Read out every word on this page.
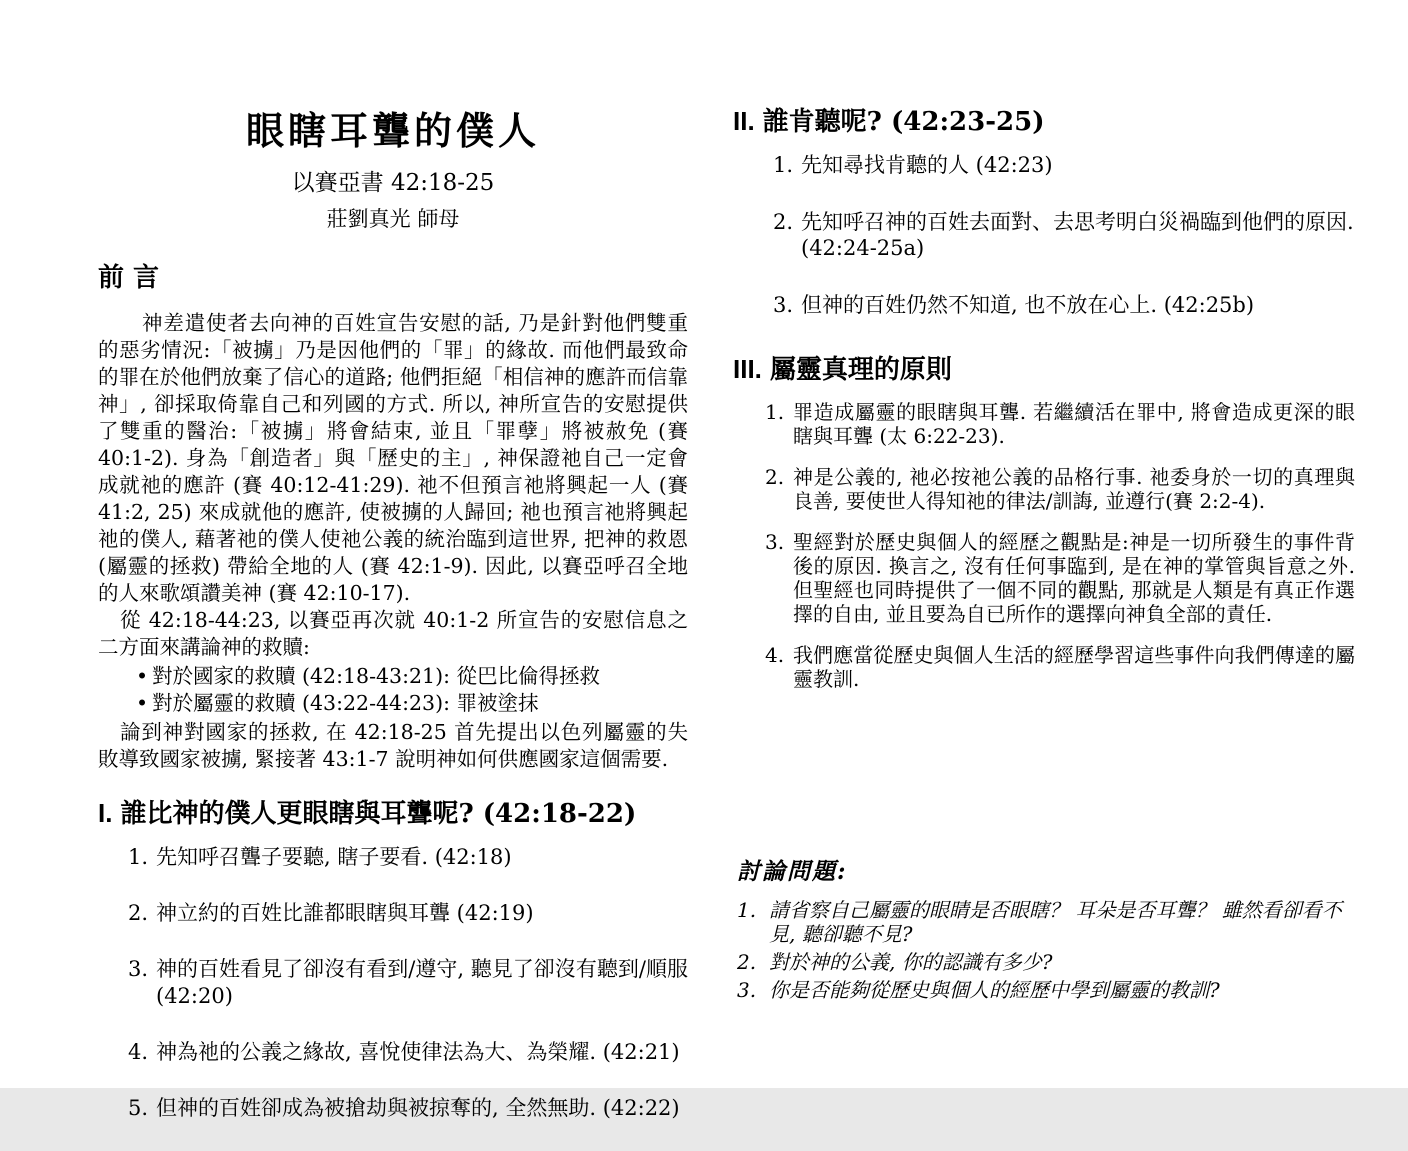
眼瞎耳聾的僕人
以賽亞書 42:18-25
莊劉真光 師母
前 言
神差遣使者去向神的百姓宣告安慰的話, 乃是針對他們雙重的惡劣情況:「被擄」乃是因他們的「罪」的緣故. 而他們最致命的罪在於他們放棄了信心的道路; 他們拒絕「相信神的應許而信靠神」, 卻採取倚靠自己和列國的方式. 所以, 神所宣告的安慰提供了雙重的醫治:「被擄」將會結束, 並且「罪孽」將被赦免 (賽 40:1-2). 身為「創造者」與「歷史的主」, 神保證祂自己一定會成就祂的應許 (賽 40:12-41:29). 祂不但預言祂將興起一人 (賽41:2, 25) 來成就他的應許, 使被擄的人歸回; 祂也預言祂將興起祂的僕人, 藉著祂的僕人使祂公義的統治臨到這世界, 把神的救恩 (屬靈的拯救) 帶給全地的人 (賽 42:1-9). 因此, 以賽亞呼召全地的人來歌頌讚美神 (賽 42:10-17).
從 42:18-44:23, 以賽亞再次就 40:1-2 所宣告的安慰信息之二方面來講論神的救贖:
• 對於國家的救贖 (42:18-43:21): 從巴比倫得拯救
• 對於屬靈的救贖 (43:22-44:23): 罪被塗抹
論到神對國家的拯救, 在 42:18-25 首先提出以色列屬靈的失敗導致國家被擄, 緊接著 43:1-7 說明神如何供應國家這個需要.
I. 誰比神的僕人更眼瞎與耳聾呢? (42:18-22)
1. 先知呼召聾子要聽, 瞎子要看. (42:18)
2. 神立約的百姓比誰都眼瞎與耳聾 (42:19)
3. 神的百姓看見了卻沒有看到/遵守, 聽見了卻沒有聽到/順服 (42:20)
4. 神為祂的公義之緣故, 喜悅使律法為大、為榮耀. (42:21)
5. 但神的百姓卻成為被搶劫與被掠奪的, 全然無助. (42:22)
II. 誰肯聽呢? (42:23-25)
1. 先知尋找肯聽的人 (42:23)
2. 先知呼召神的百姓去面對、去思考明白災禍臨到他們的原因. (42:24-25a)
3. 但神的百姓仍然不知道, 也不放在心上. (42:25b)
III. 屬靈真理的原則
1. 罪造成屬靈的眼瞎與耳聾. 若繼續活在罪中, 將會造成更深的眼瞎與耳聾 (太 6:22-23).
2. 神是公義的, 祂必按祂公義的品格行事. 祂委身於一切的真理與良善, 要使世人得知祂的律法/訓誨, 並遵行(賽 2:2-4).
3. 聖經對於歷史與個人的經歷之觀點是:神是一切所發生的事件背後的原因. 換言之, 沒有任何事臨到, 是在神的掌管與旨意之外. 但聖經也同時提供了一個不同的觀點, 那就是人類是有真正作選擇的自由, 並且要為自已所作的選擇向神負全部的責任.
4. 我們應當從歷史與個人生活的經歷學習這些事件向我們傳達的屬靈教訓.
討論問題:
1. 請省察自己屬靈的眼睛是否眼瞎？ 耳朵是否耳聾？ 雖然看卻看不見, 聽卻聽不見?
2. 對於神的公義, 你的認識有多少?
3. 你是否能夠從歷史與個人的經歷中學到屬靈的教訓?
